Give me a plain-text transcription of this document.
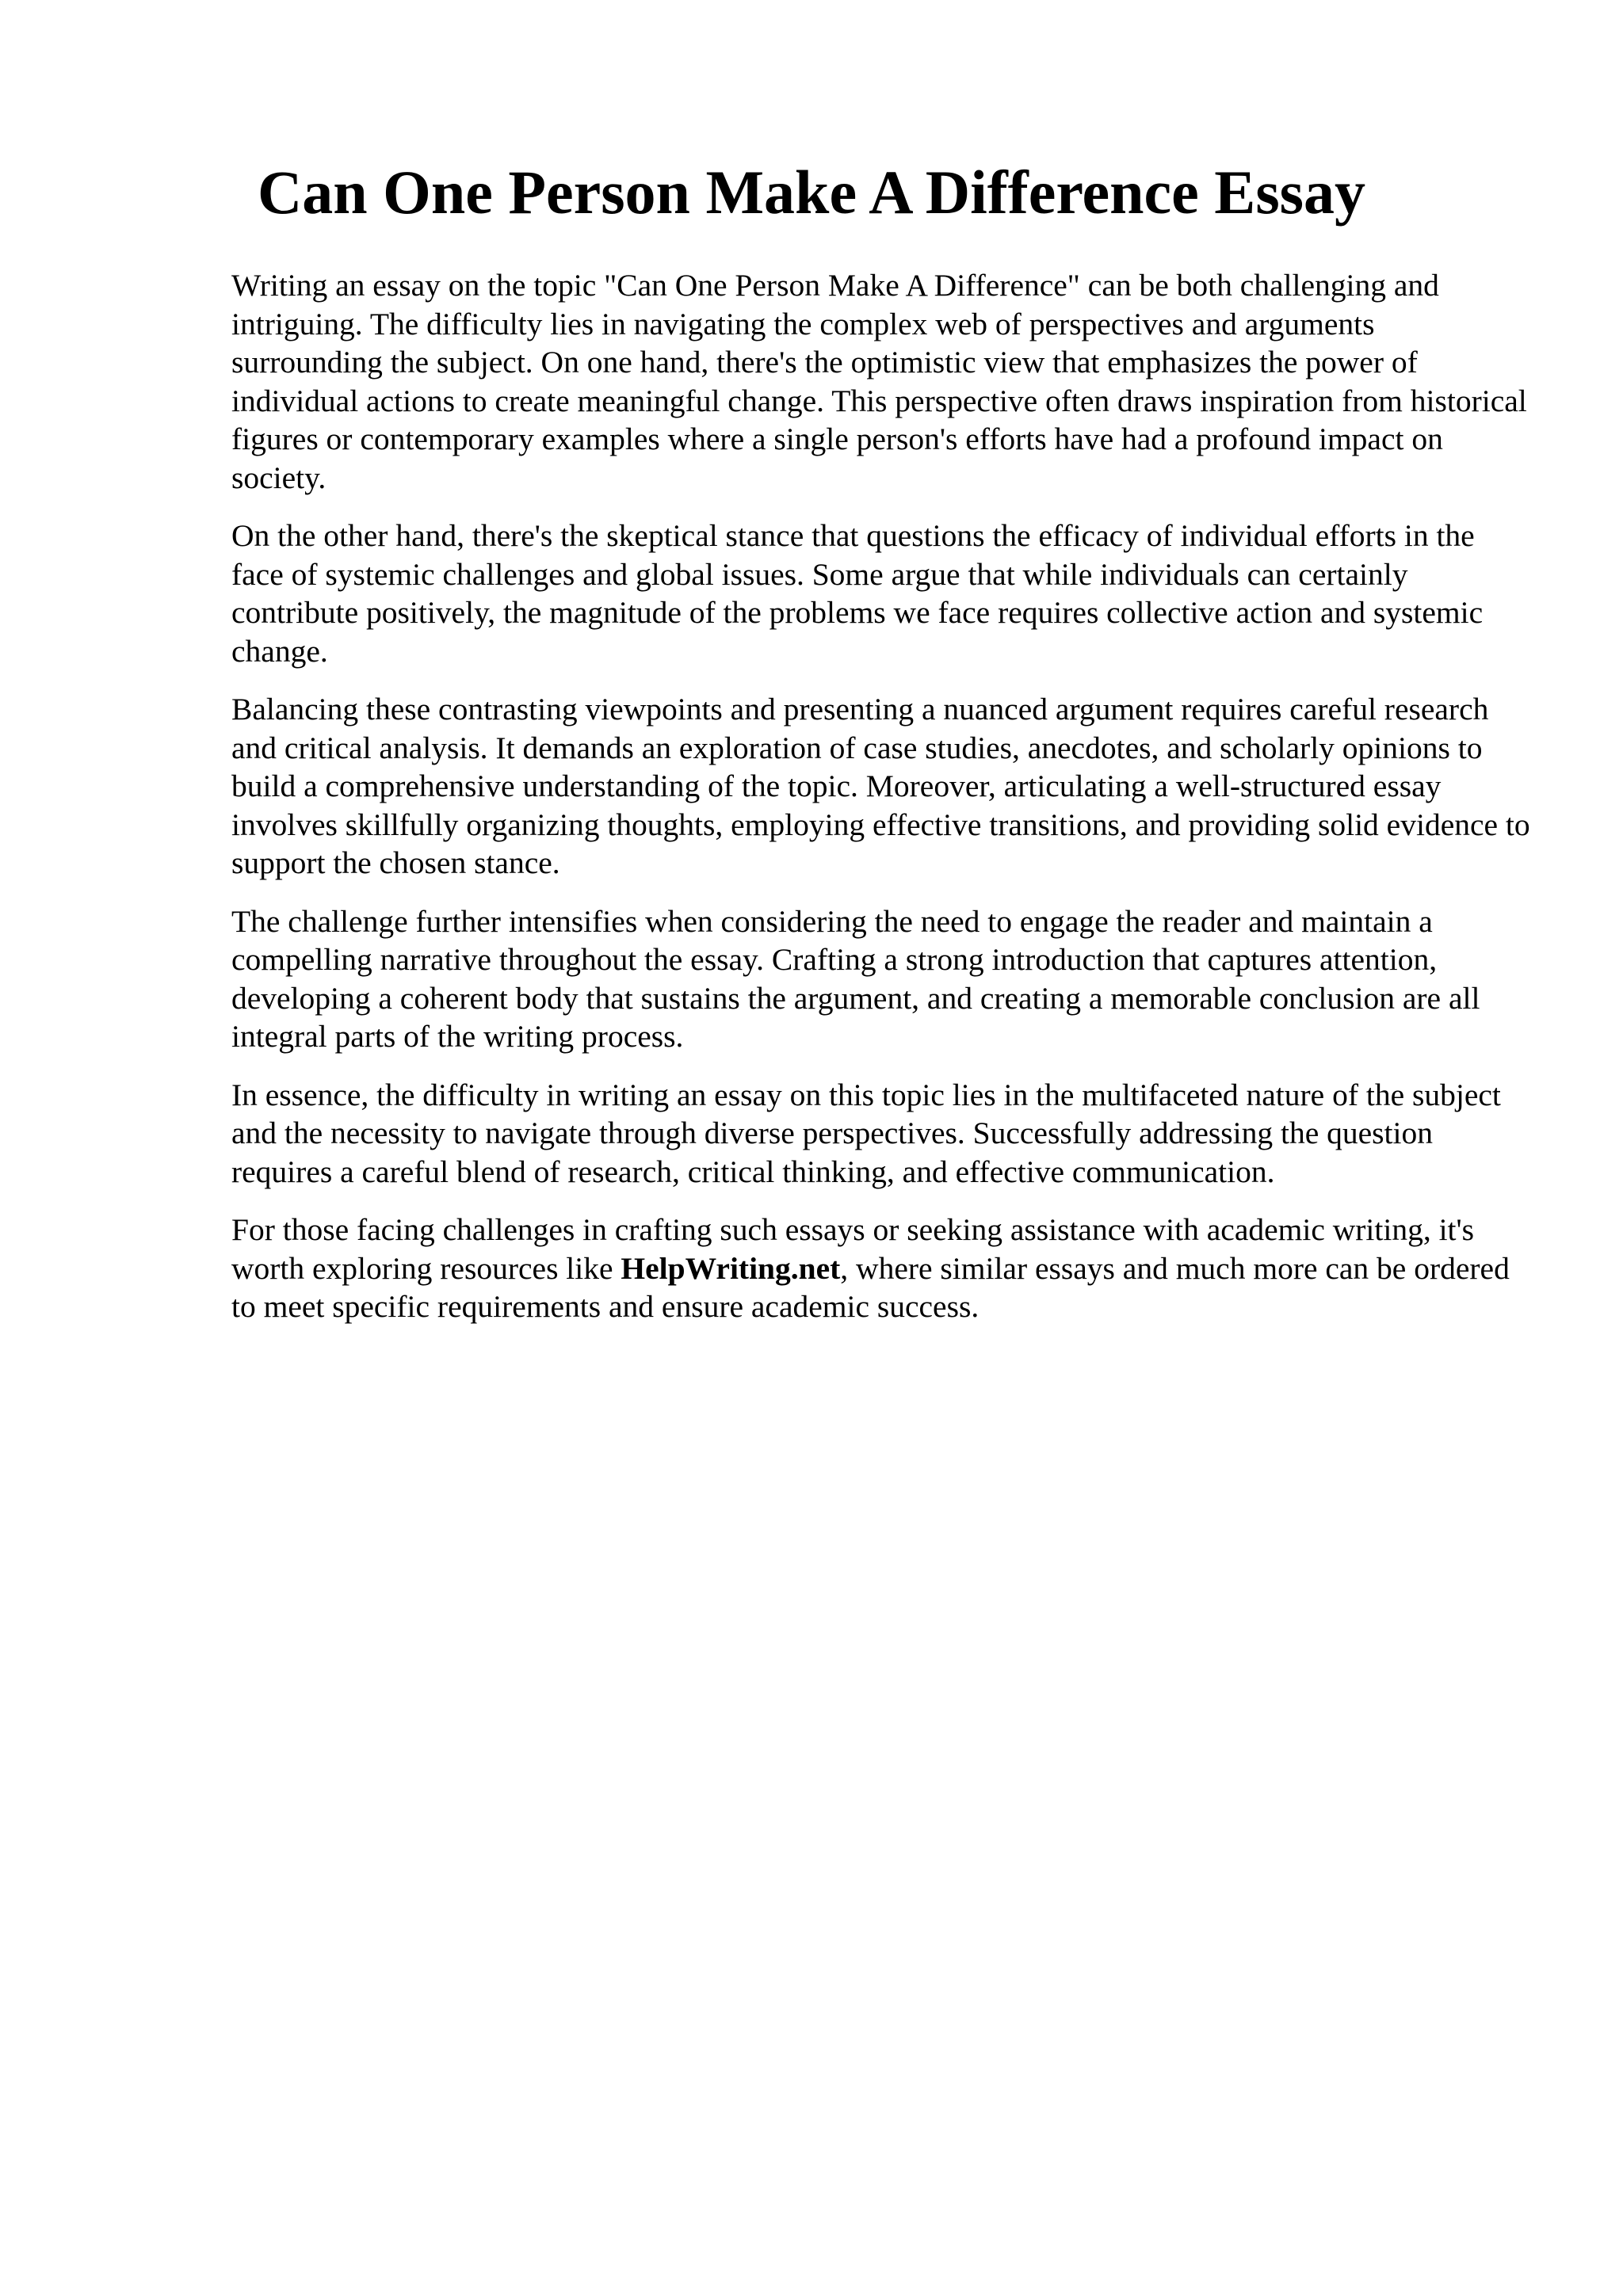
Can One Person Make A Difference Essay

Writing an essay on the topic "Can One Person Make A Difference" can be both challenging and intriguing. The difficulty lies in navigating the complex web of perspectives and arguments surrounding the subject. On one hand, there's the optimistic view that emphasizes the power of individual actions to create meaningful change. This perspective often draws inspiration from historical figures or contemporary examples where a single person's efforts have had a profound impact on society.

On the other hand, there's the skeptical stance that questions the efficacy of individual efforts in the face of systemic challenges and global issues. Some argue that while individuals can certainly contribute positively, the magnitude of the problems we face requires collective action and systemic change.

Balancing these contrasting viewpoints and presenting a nuanced argument requires careful research and critical analysis. It demands an exploration of case studies, anecdotes, and scholarly opinions to build a comprehensive understanding of the topic. Moreover, articulating a well-structured essay involves skillfully organizing thoughts, employing effective transitions, and providing solid evidence to support the chosen stance.

The challenge further intensifies when considering the need to engage the reader and maintain a compelling narrative throughout the essay. Crafting a strong introduction that captures attention, developing a coherent body that sustains the argument, and creating a memorable conclusion are all integral parts of the writing process.

In essence, the difficulty in writing an essay on this topic lies in the multifaceted nature of the subject and the necessity to navigate through diverse perspectives. Successfully addressing the question requires a careful blend of research, critical thinking, and effective communication.

For those facing challenges in crafting such essays or seeking assistance with academic writing, it's worth exploring resources like HelpWriting.net, where similar essays and much more can be ordered to meet specific requirements and ensure academic success.
